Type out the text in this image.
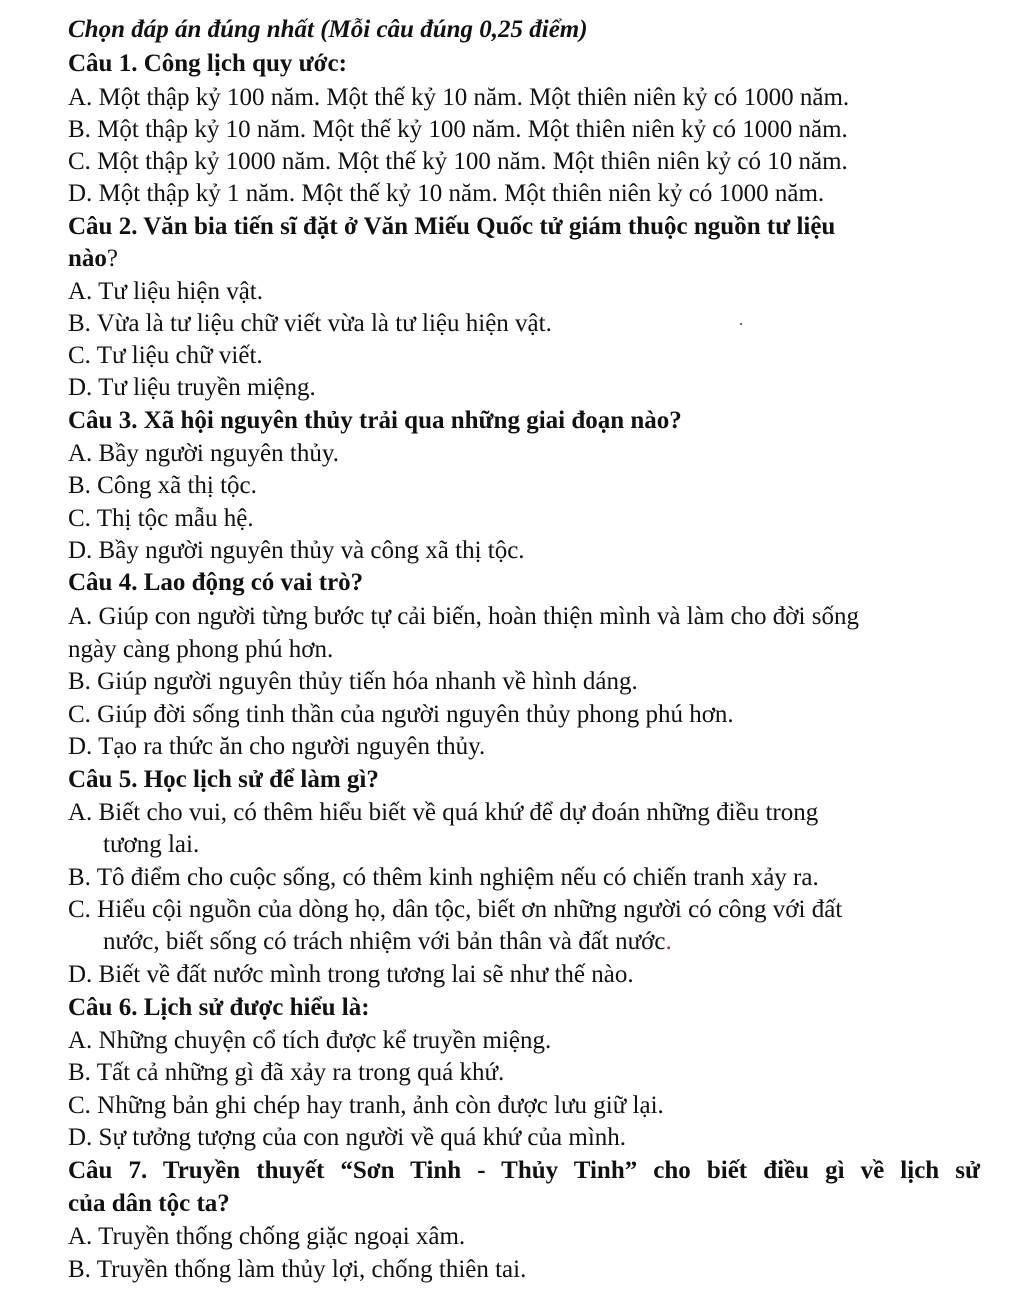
Chọn đáp án đúng nhất (Mỗi câu đúng 0,25 điểm)
Câu 1. Công lịch quy ước:
A. Một thập kỷ 100 năm. Một thế kỷ 10 năm. Một thiên niên kỷ có 1000 năm.
B. Một thập kỷ 10 năm. Một thế kỷ 100 năm. Một thiên niên kỷ có 1000 năm.
C. Một thập kỷ 1000 năm. Một thế kỷ 100 năm. Một thiên niên kỷ có 10 năm.
D. Một thập kỷ 1 năm. Một thế kỷ 10 năm. Một thiên niên kỷ có 1000 năm.
Câu 2. Văn bia tiến sĩ đặt ở Văn Miếu Quốc tử giám thuộc nguồn tư liệu
nào?
A. Tư liệu hiện vật.
B. Vừa là tư liệu chữ viết vừa là tư liệu hiện vật.
C. Tư liệu chữ viết.
D. Tư liệu truyền miệng.
Câu 3. Xã hội nguyên thủy trải qua những giai đoạn nào?
A. Bầy người nguyên thủy.
B. Công xã thị tộc.
C. Thị tộc mẫu hệ.
D. Bầy người nguyên thủy và công xã thị tộc.
Câu 4. Lao động có vai trò?
A. Giúp con người từng bước tự cải biến, hoàn thiện mình và làm cho đời sống
ngày càng phong phú hơn.
B. Giúp người nguyên thủy tiến hóa nhanh về hình dáng.
C. Giúp đời sống tinh thần của người nguyên thủy phong phú hơn.
D. Tạo ra thức ăn cho người nguyên thủy.
Câu 5. Học lịch sử để làm gì?
A. Biết cho vui, có thêm hiểu biết về quá khứ để dự đoán những điều trong
tương lai.
B. Tô điểm cho cuộc sống, có thêm kinh nghiệm nếu có chiến tranh xảy ra.
C. Hiểu cội nguồn của dòng họ, dân tộc, biết ơn những người có công với đất
nước, biết sống có trách nhiệm với bản thân và đất nước.
D. Biết về đất nước mình trong tương lai sẽ như thế nào.
Câu 6. Lịch sử được hiểu là:
A. Những chuyện cổ tích được kể truyền miệng.
B. Tất cả những gì đã xảy ra trong quá khứ.
C. Những bản ghi chép hay tranh, ảnh còn được lưu giữ lại.
D. Sự tưởng tượng của con người về quá khứ của mình.
Câu 7. Truyền thuyết “Sơn Tinh - Thủy Tinh” cho biết điều gì về lịch sử
của dân tộc ta?
A. Truyền thống chống giặc ngoại xâm.
B. Truyền thống làm thủy lợi, chống thiên tai.
